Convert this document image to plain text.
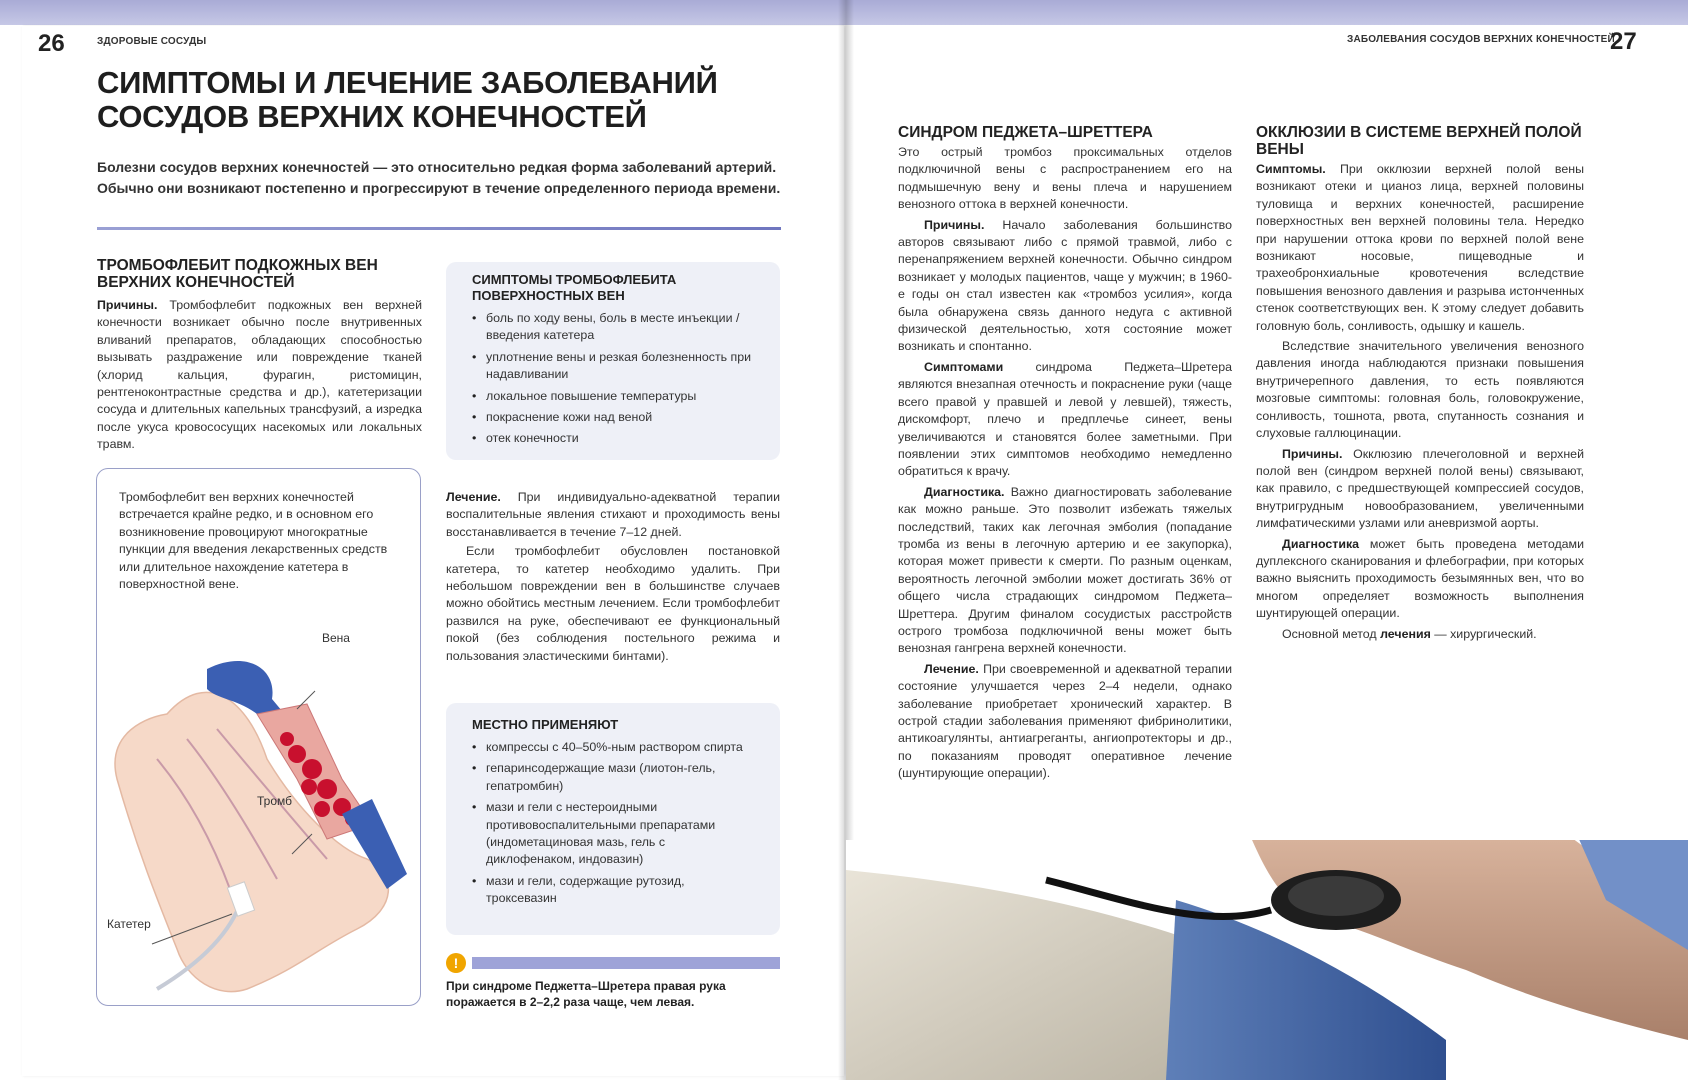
26	ЗДОРОВЫЕ СОСУДЫ
СИМПТОМЫ И ЛЕЧЕНИЕ ЗАБОЛЕВАНИЙ СОСУДОВ ВЕРХНИХ КОНЕЧНОСТЕЙ
Болезни сосудов верхних конечностей — это относительно редкая форма заболеваний артерий. Обычно они возникают постепенно и прогрессируют в течение определенного периода времени.
ТРОМБОФЛЕБИТ ПОДКОЖНЫХ ВЕН ВЕРХНИХ КОНЕЧНОСТЕЙ

Причины. Тромбофлебит подкожных вен верхней конечности возникает обычно после внутривенных вливаний препаратов, обладающих способностью вызывать раздражение или повреждение тканей (хлорид кальция, фурагин, ристомицин, рентгеноконтрастные средства и др.), катетеризации сосуда и длительных капельных трансфузий, а изредка после укуса кровососущих насекомых или локальных травм.

Тромбофлебит вен верхних конечностей встречается крайне редко, и в основном его возникновение провоцируют многократные пункции для введения лекарственных средств или длительное нахождение катетера в поверхностной вене.

Вена
Тромб
Катетер
СИМПТОМЫ ТРОМБОФЛЕБИТА ПОВЕРХНОСТНЫХ ВЕН
• боль по ходу вены, боль в месте инъекции / введения катетера
• уплотнение вены и резкая болезненность при надавливании
• локальное повышение температуры
• покраснение кожи над веной
• отек конечности

Лечение. При индивидуально-адекватной терапии воспалительные явления стихают и проходимость вены восстанавливается в течение 7–12 дней.

Если тромбофлебит обусловлен постановкой катетера, то катетер необходимо удалить. При небольшом повреждении вен в большинстве случаев можно обойтись местным лечением. Если тромбофлебит развился на руке, обеспечивают ее функциональный покой (без соблюдения постельного режима и пользования эластическими бинтами).

МЕСТНО ПРИМЕНЯЮТ
• компрессы с 40–50%-ным раствором спирта
• гепаринсодержащие мази (лиотон-гель, гепатромбин)
• мази и гели с нестероидными противовоспалительными препаратами (индометациновая мазь, гель с диклофенаком, индовазин)
• мази и гели, содержащие рутозид, троксевазин
!

При синдроме Педжетта–Шретера правая рука поражается в 2–2,2 раза чаще, чем левая.

ЗАБОЛЕВАНИЯ СОСУДОВ ВЕРХНИХ КОНЕЧНОСТЕЙ
27
СИНДРОМ ПЕДЖЕТА–ШРЕТТЕРА

Это острый тромбоз проксимальных отделов подключичной вены с распространением его на подмышечную вену и вены плеча и нарушением венозного оттока в верхней конечности.

Причины. Начало заболевания большинство авторов связывают либо с прямой травмой, либо с перенапряжением верхней конечности. Обычно синдром возникает у молодых пациентов, чаще у мужчин; в 1960-е годы он стал известен как «тромбоз усилия», когда была обнаружена связь данного недуга с активной физической деятельностью, хотя состояние может возникать и спонтанно.

Симптомами	синдрома Педжета–Шретера являются внезапная отечность и покраснение руки (чаще всего правой у правшей и левой у левшей), тяжесть, дискомфорт, плечо и предплечье синеет, вены увеличиваются и становятся более заметными. При появлении этих симптомов необходимо немедленно обратиться к врачу.

Диагностика. Важно диагностировать заболевание как можно раньше. Это позволит избежать тяжелых последствий, таких как легочная эмболия (попадание тромба из вены в легочную артерию и ее закупорка), которая может привести к смерти. По разным оценкам, вероятность легочной эмболии может достигать 36% от общего числа страдающих синдромом Педжета–Шреттера. Другим финалом сосудистых расстройств острого тромбоза подключичной вены может быть венозная гангрена верхней конечности.

Лечение. При своевременной и адекватной терапии состояние улучшается через 2–4 недели, однако заболевание приобретает хронический характер. В острой стадии заболевания применяют фибринолитики, антикоагулянты, антиагреганты, ангиопротекторы и др., по показаниям проводят оперативное лечение (шунтирующие операции).

ОККЛЮЗИИ В СИСТЕМЕ ВЕРХНЕЙ ПОЛОЙ ВЕНЫ

Симптомы. При окклюзии верхней полой вены возникают отеки и цианоз лица, верхней половины туловища и верхних конечностей, расширение поверхностных вен верхней половины тела. Нередко при нарушении оттока крови по верхней полой вене возникают носовые, пищеводные и трахеобронхиальные кровотечения вследствие повышения венозного давления и разрыва истонченных стенок соответствующих вен. К этому следует добавить головную боль, сонливость, одышку и кашель.

Вследствие значительного увеличения венозного давления иногда наблюдаются признаки повышения внутричерепного давления, то есть появляются мозговые симптомы: головная боль, головокружение, сонливость, тошнота, рвота, спутанность сознания и слуховые галлюцинации.

Причины. Окклюзию плечеголовной и верхней полой вен (синдром верхней полой вены) связывают, как правило, с предшествующей компрессией сосудов, внутригрудным новообразованием, увеличенными лимфатическими узлами или аневризмой аорты.

Диагностика может быть проведена методами дуплексного сканирования и флебографии, при которых важно выяснить проходимость безымянных вен, что во многом определяет возможность выполнения шунтирующей операции.

Основной метод лечения — хирургический.
